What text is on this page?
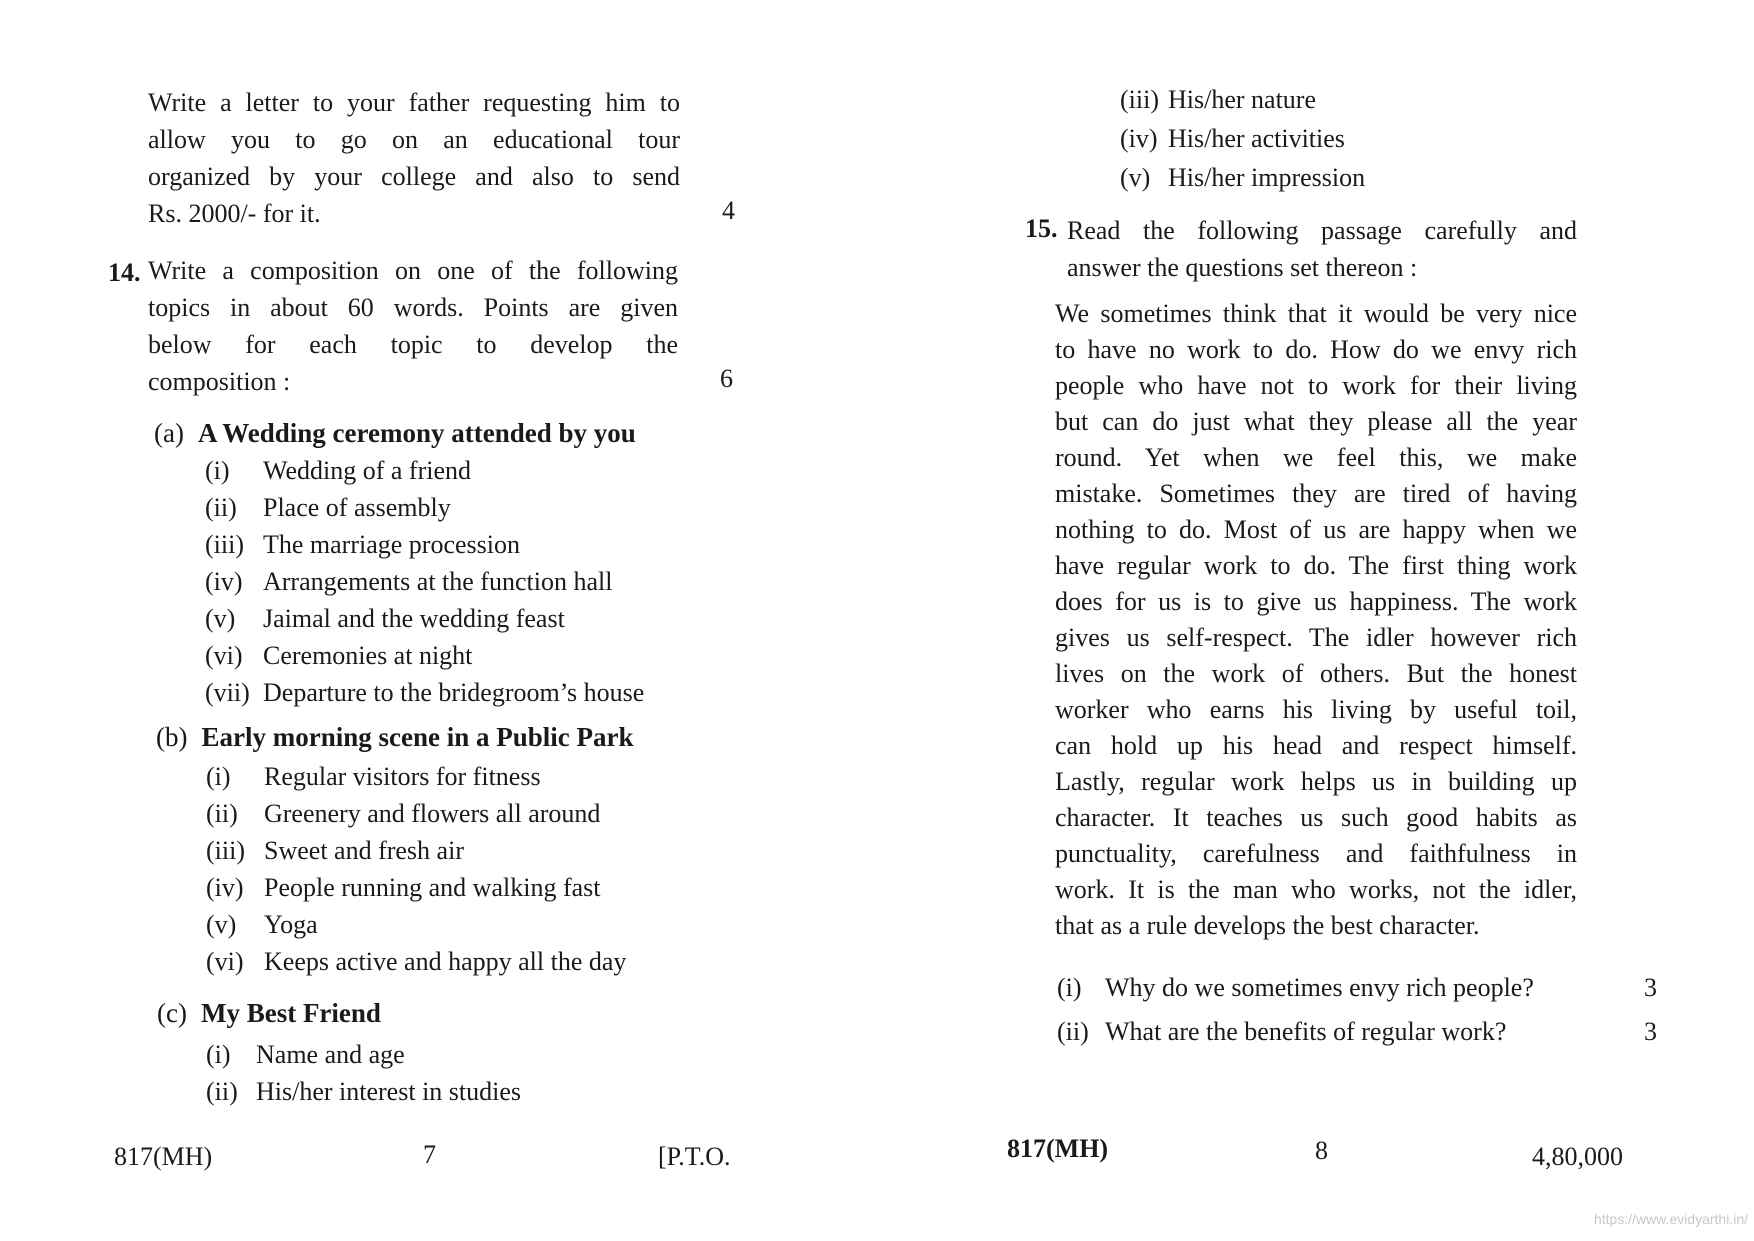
Write a letter to your father requesting him to
allow you to go on an educational tour
organized by your college and also to send
Rs. 2000/- for it.	4
14. Write a composition on one of the following
topics in about 60 words. Points are given
below for each topic to develop the
composition :	6
(a) A Wedding ceremony attended by you
(i)	Wedding of a friend
(ii)	Place of assembly
(iii) The marriage procession
(iv) Arrangements at the function hall
(v)	Jaimal and the wedding feast
(vi) Ceremonies at night
(vii) Departure to the bridegroom’s house
(b) Early morning scene in a Public Park
(i)	Regular visitors for fitness
(ii)	Greenery and flowers all around
(iii) Sweet and fresh air
(iv) People running and walking fast
(v)	Yoga
(vi) Keeps active and happy all the day
(c) My Best Friend
(i) Name and age
(ii) His/her interest in studies
817(MH)	7	[P.T.O.
(iii) His/her nature
(iv) His/her activities
(v) His/her impression
15. Read the following passage carefully and
answer the questions set thereon :
We sometimes think that it would be very nice
to have no work to do. How do we envy rich
people who have not to work for their living
but can do just what they please all the year
round. Yet when we feel this, we make
mistake. Sometimes they are tired of having
nothing to do. Most of us are happy when we
have regular work to do. The first thing work
does for us is to give us happiness. The work
gives us self-respect. The idler however rich
lives on the work of others. But the honest
worker who earns his living by useful toil,
can hold up his head and respect himself.
Lastly, regular work helps us in building up
character. It teaches us such good habits as
punctuality, carefulness and faithfulness in
work. It is the man who works, not the idler,
that as a rule develops the best character.
(i) Why do we sometimes envy rich people?	3
(ii) What are the benefits of regular work?	3
817(MH)	8	4,80,000
https://www.evidyarthi.in/
